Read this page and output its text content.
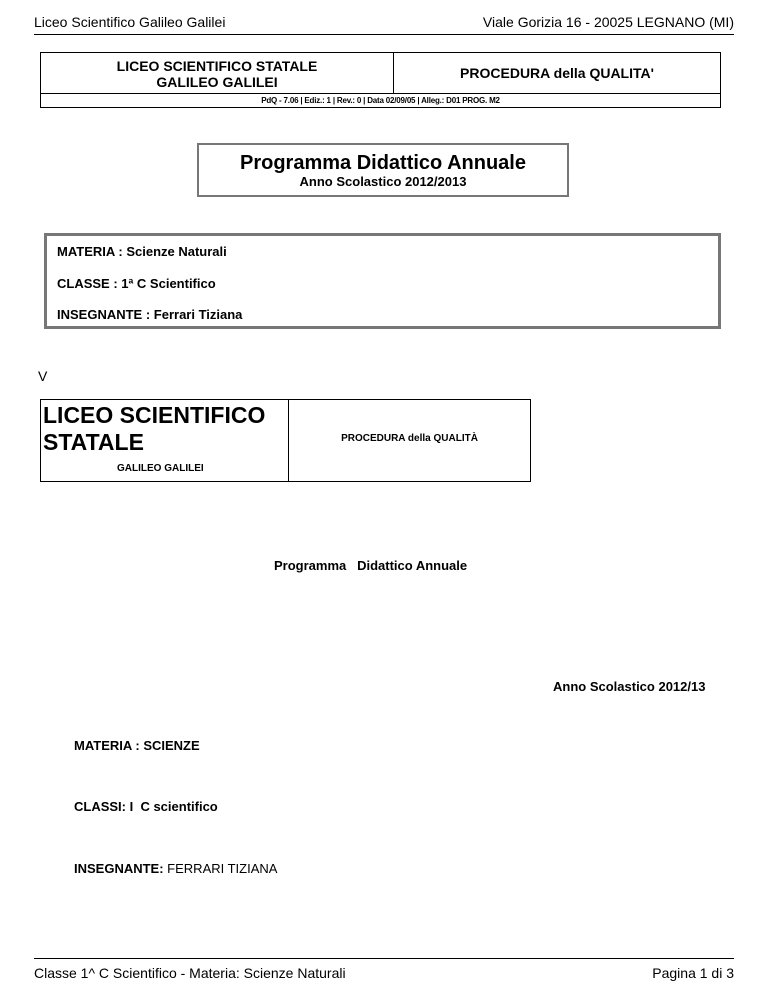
Liceo Scientifico Galileo Galilei	Viale Gorizia 16 - 20025 LEGNANO (MI)
LICEO SCIENTIFICO STATALE
GALILEO GALILEI
PROCEDURA della QUALITA'
PdQ - 7.06 | Ediz.: 1 | Rev.: 0 | Data 02/09/05 | Alleg.: D01 PROG. M2
Programma Didattico Annuale
Anno Scolastico 2012/2013
MATERIA : Scienze Naturali
CLASSE : 1ª C Scientifico
INSEGNANTE : Ferrari Tiziana
V
LICEO SCIENTIFICO
STATALE
GALILEO GALILEI
PROCEDURA della QUALITÀ
Programma   Didattico Annuale
Anno Scolastico 2012/13
MATERIA : SCIENZE
CLASSI: I  C scientifico
INSEGNANTE: FERRARI TIZIANA
Classe 1^ C Scientifico - Materia: Scienze Naturali	Pagina 1 di 3
